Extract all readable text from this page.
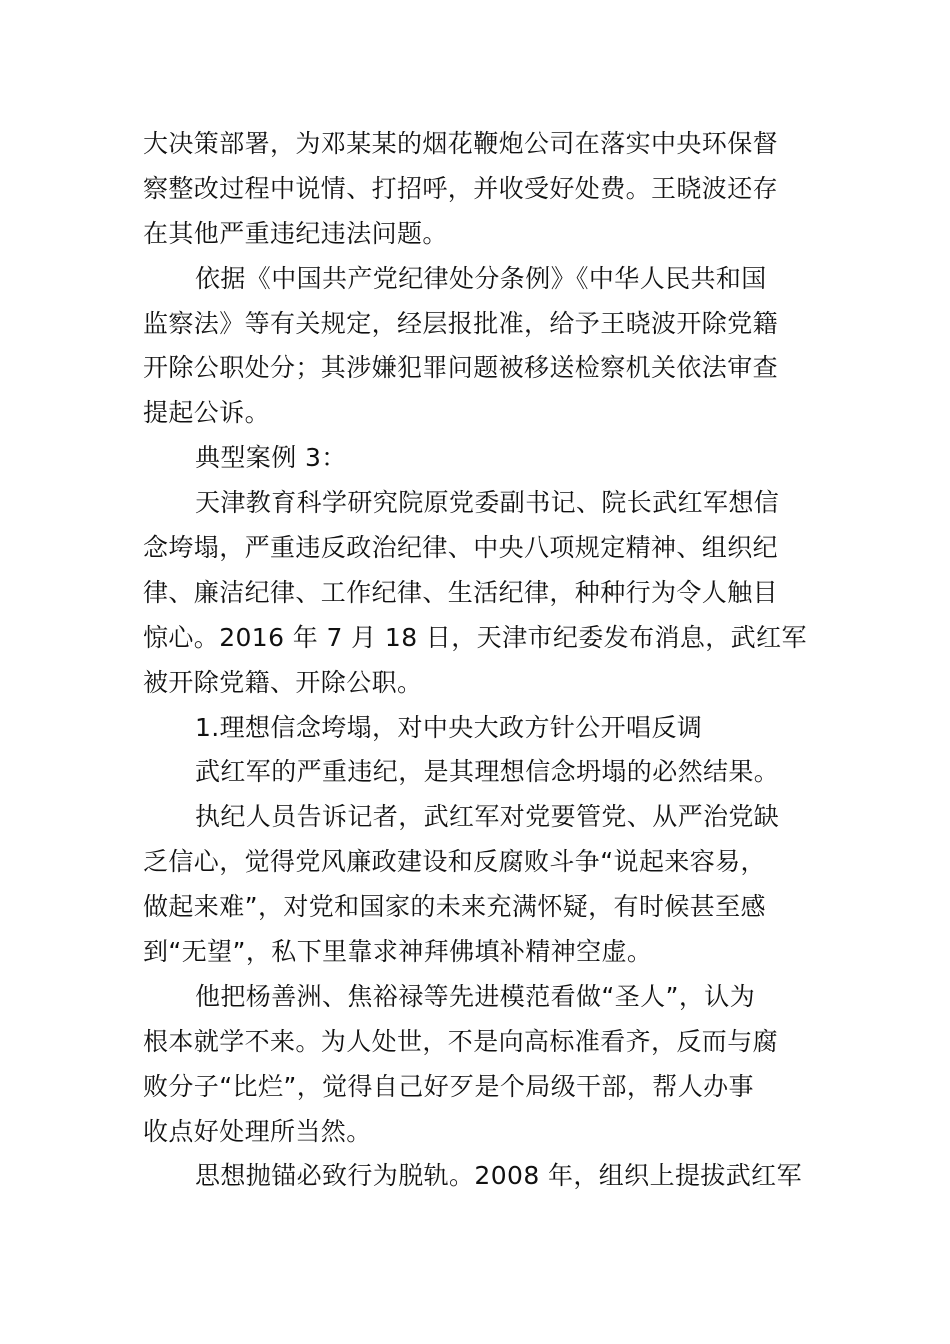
大决策部署，为邓某某的烟花鞭炮公司在落实中央环保督
察整改过程中说情、打招呼，并收受好处费。王晓波还存
在其他严重违纪违法问题。
依据《中国共产党纪律处分条例》《中华人民共和国
监察法》等有关规定，经层报批准，给予王晓波开除党籍
开除公职处分；其涉嫌犯罪问题被移送检察机关依法审查
提起公诉。
典型案例 3：
天津教育科学研究院原党委副书记、院长武红军想信
念垮塌，严重违反政治纪律、中央八项规定精神、组织纪
律、廉洁纪律、工作纪律、生活纪律，种种行为令人触目
惊心。2016 年 7 月 18 日，天津市纪委发布消息，武红军
被开除党籍、开除公职。
1.理想信念垮塌，对中央大政方针公开唱反调
武红军的严重违纪，是其理想信念坍塌的必然结果。
执纪人员告诉记者，武红军对党要管党、从严治党缺
乏信心，觉得党风廉政建设和反腐败斗争“说起来容易，
做起来难”，对党和国家的未来充满怀疑，有时候甚至感
到“无望”，私下里靠求神拜佛填补精神空虚。
他把杨善洲、焦裕禄等先进模范看做“圣人”，认为
根本就学不来。为人处世，不是向高标准看齐，反而与腐
败分子“比烂”，觉得自己好歹是个局级干部，帮人办事
收点好处理所当然。
思想抛锚必致行为脱轨。2008 年，组织上提拔武红军
